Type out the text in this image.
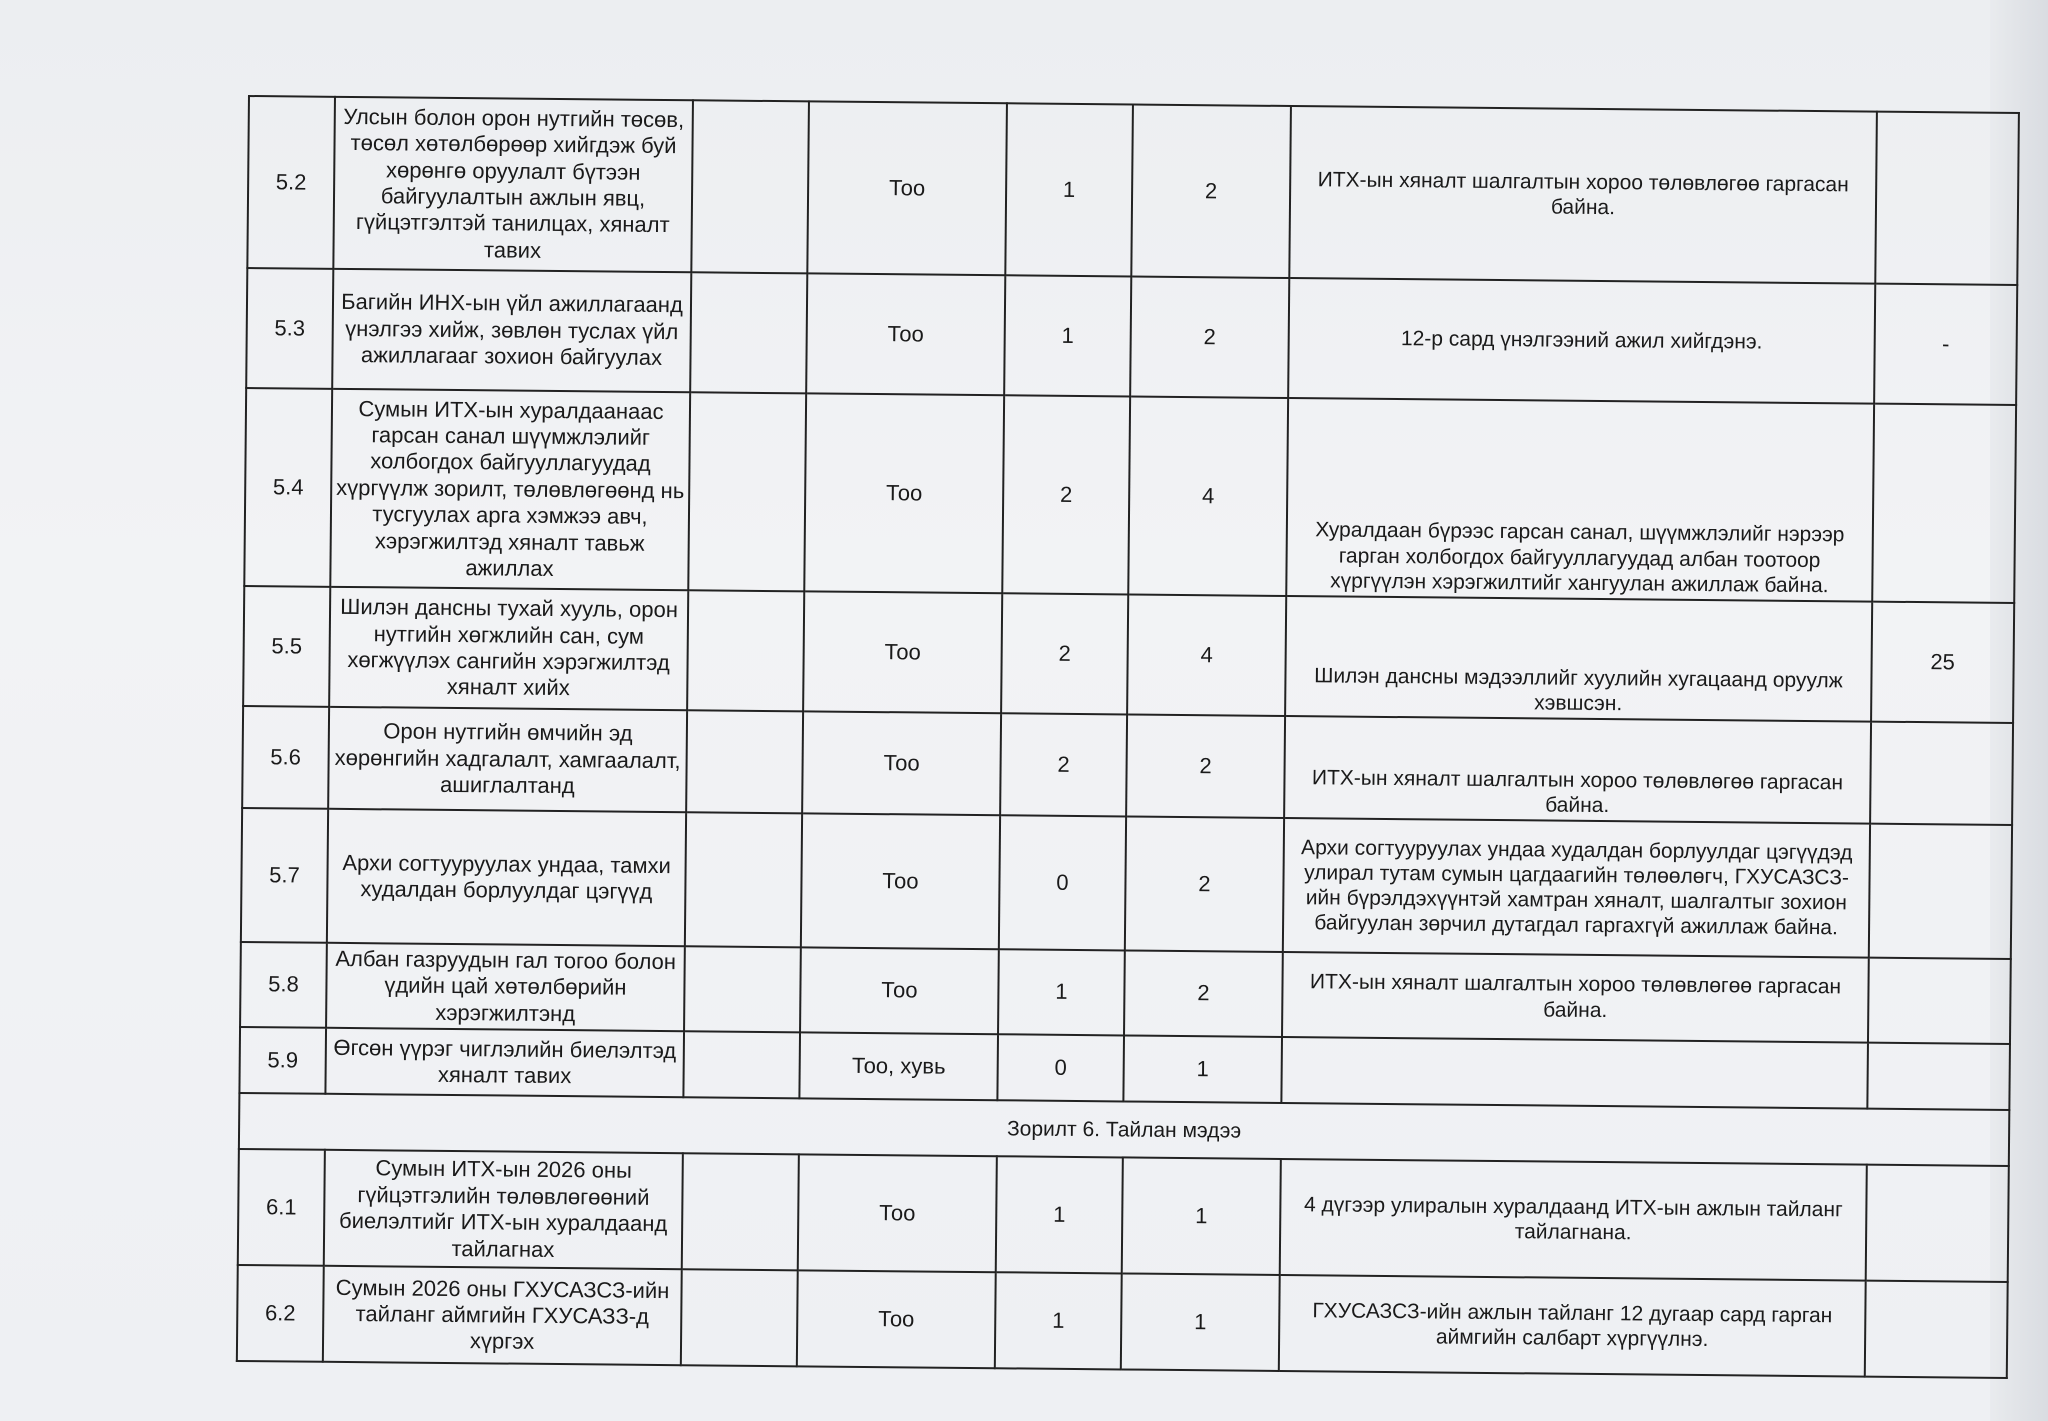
5.2	Улсын болон орон нутгийн төсөв, төсөл хөтөлбөрөөр хийгдэж буй хөрөнгө оруулалт бүтээн байгуулалтын ажлын явц, гүйцэтгэлтэй танилцах, хяналт тавих		Тоо	1	2	ИТХ-ын хяналт шалгалтын хороо төлөвлөгөө гаргасан байна.	
5.3	Багийн ИНХ-ын үйл ажиллагаанд үнэлгээ хийж, зөвлөн туслах үйл ажиллагааг зохион байгуулах		Тоо	1	2	12-р сард үнэлгээний ажил хийгдэнэ.	-
5.4	Сумын ИТХ-ын хуралдаанаас гарсан санал шүүмжлэлийг холбогдох байгууллагуудад хүргүүлж зорилт, төлөвлөгөөнд нь тусгуулах арга хэмжээ авч, хэрэгжилтэд хяналт тавьж ажиллах		Тоо	2	4	Хуралдаан бүрээс гарсан санал, шүүмжлэлийг нэрээр гарган холбогдох байгууллагуудад албан тоотоор хүргүүлэн хэрэгжилтийг хангуулан ажиллаж байна.	
5.5	Шилэн дансны тухай хууль, орон нутгийн хөгжлийн сан, сум хөгжүүлэх сангийн хэрэгжилтэд хяналт хийх		Тоо	2	4	Шилэн дансны мэдээллийг хуулийн хугацаанд оруулж хэвшсэн.	25
5.6	Орон нутгийн өмчийн эд хөрөнгийн хадгалалт, хамгаалалт, ашиглалтанд		Тоо	2	2	ИТХ-ын хяналт шалгалтын хороо төлөвлөгөө гаргасан байна.	
5.7	Архи согтууруулах ундаа, тамхи худалдан борлуулдаг цэгүүд		Тоо	0	2	Архи согтууруулах ундаа худалдан борлуулдаг цэгүүдэд улирал тутам сумын цагдаагийн төлөөлөгч, ГХУСАЗСЗ-ийн бүрэлдэхүүнтэй хамтран хяналт, шалгалтыг зохион байгуулан зөрчил дутагдал гаргахгүй ажиллаж байна.	
5.8	Албан газруудын гал тогоо болон үдийн цай хөтөлбөрийн хэрэгжилтэнд		Тоо	1	2	ИТХ-ын хяналт шалгалтын хороо төлөвлөгөө гаргасан байна.	
5.9	Өгсөн үүрэг чиглэлийн биелэлтэд хяналт тавих		Тоо, хувь	0	1		
Зорилт 6. Тайлан мэдээ							
6.1	Сумын ИТХ-ын 2026 оны гүйцэтгэлийн төлөвлөгөөний биелэлтийг ИТХ-ын хуралдаанд тайлагнах		Тоо	1	1	4 дүгээр улиралын хуралдаанд ИТХ-ын ажлын тайланг тайлагнана.	
6.2	Сумын 2026 оны ГХУСАЗСЗ-ийн тайланг аймгийн ГХУСАЗЗ-д хүргэх		Тоо	1	1	ГХУСАЗСЗ-ийн ажлын тайланг 12 дугаар сард гарган аймгийн салбарт хүргүүлнэ.	
